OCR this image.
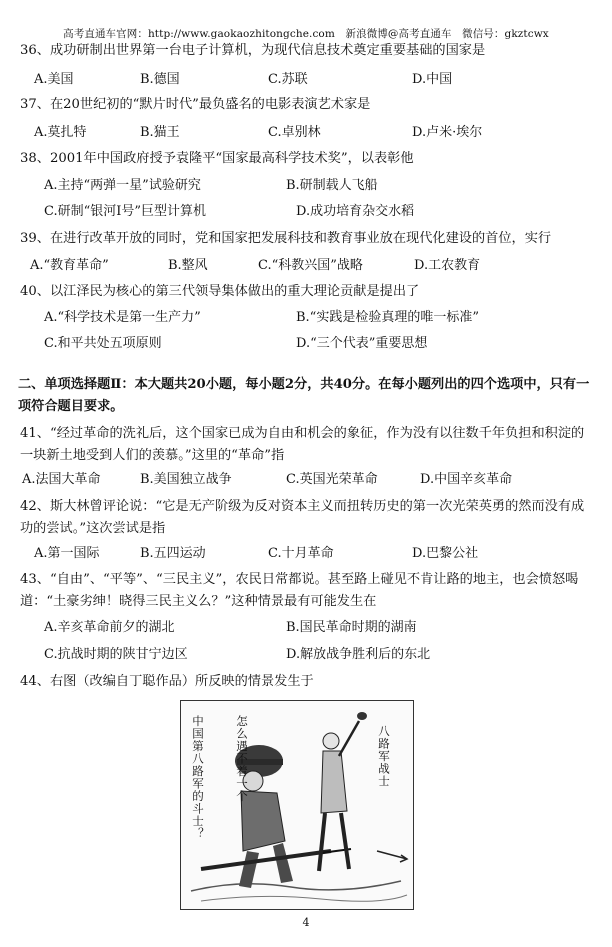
高考直通车官网：http://www.gaokaozhitongche.com　新浪微博@高考直通车　微信号：gkztcwx
36、成功研制出世界第一台电子计算机，为现代信息技术奠定重要基础的国家是
A.美国	B.德国	C.苏联	D.中国
37、在20世纪初的“默片时代”最负盛名的电影表演艺术家是
A.莫扎特	B.猫王	C.卓别林	D.卢米·埃尔
38、2001年中国政府授予袁隆平“国家最高科学技术奖”，以表彰他
A.主持“两弹一星”试验研究	B.研制载人飞船
C.研制“银河Ⅰ号”巨型计算机	D.成功培育杂交水稻
39、在进行改革开放的同时，党和国家把发展科技和教育事业放在现代化建设的首位，实行
A.“教育革命”	B.整风	C.“科教兴国”战略	D.工农教育
40、以江泽民为核心的第三代领导集体做出的重大理论贡献是提出了
A.“科学技术是第一生产力”	B.“实践是检验真理的唯一标准”
C.和平共处五项原则	D.“三个代表”重要思想
二、单项选择题Ⅱ：本大题共20小题，每小题2分，共40分。在每小题列出的四个选项中，只有一项符合题目要求。
41、“经过革命的洗礼后，这个国家已成为自由和机会的象征，作为没有以往数千年负担和积淀的一块新土地受到人们的羡慕。”这里的“革命”指
A.法国大革命	B.美国独立战争	C.英国光荣革命	D.中国辛亥革命
42、斯大林曾评论说：“它是无产阶级为反对资本主义而扭转历史的第一次光荣英勇的然而没有成功的尝试。”这次尝试是指
A.第一国际	B.五四运动	C.十月革命	D.巴黎公社
43、“自由”、“平等”、“三民主义”，农民日常都说。甚至路上碰见不肯让路的地主，也会愤怒喝道：“土豪劣绅！晓得三民主义么？”这种情景最有可能发生在
A.辛亥革命前夕的湖北	B.国民革命时期的湖南
C.抗战时期的陕甘宁边区	D.解放战争胜利后的东北
44、右图（改编自丁聪作品）所反映的情景发生于
怎么遇不着一个
中国第八路军的斗士？	八路军战士
4
